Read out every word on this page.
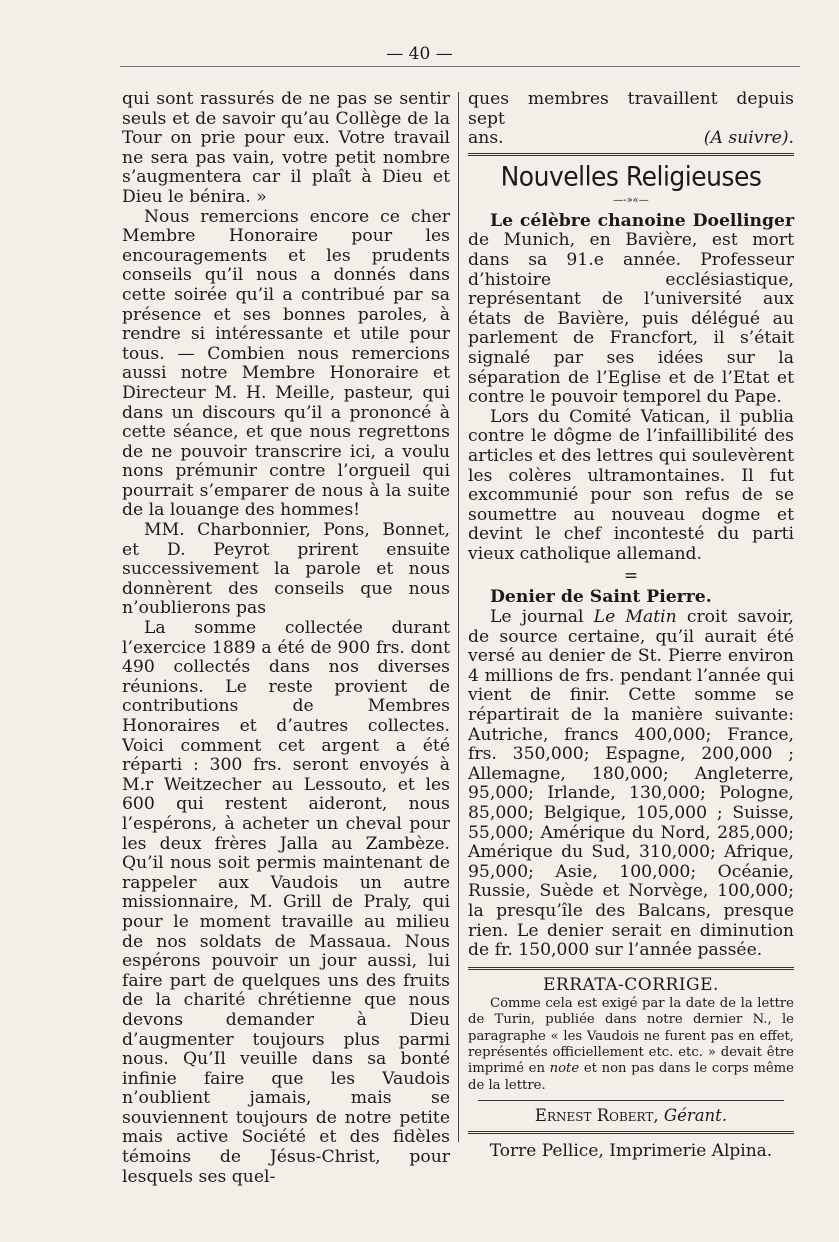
— 40 —

qui sont rassurés de ne pas se sentir seuls et de savoir qu’au Collège de la Tour on prie pour eux. Votre travail ne sera pas vain, votre petit nombre s’augmentera car il plaît à Dieu et Dieu le bénira. »

Nous remercions encore ce cher Membre Honoraire pour les encouragements et les prudents conseils qu’il nous a donnés dans cette soirée qu’il a contribué par sa présence et ses bonnes paroles, à rendre si intéressante et utile pour tous. — Combien nous remercions aussi notre Membre Honoraire et Directeur M. H. Meille, pasteur, qui dans un discours qu’il a prononcé à cette séance, et que nous regrettons de ne pouvoir transcrire ici, a voulu nons prémunir contre l’orgueil qui pourrait s’emparer de nous à la suite de la louange des hommes!

MM. Charbonnier, Pons, Bonnet, et D. Peyrot prirent ensuite successivement la parole et nous donnèrent des conseils que nous n’oublierons pas

La somme collectée durant l’exercice 1889 a été de 900 frs. dont 490 collectés dans nos diverses réunions. Le reste provient de contributions de Membres Honoraires et d’autres collectes. Voici comment cet argent a été réparti : 300 frs. seront envoyés à M.r Weitzecher au Lessouto, et les 600 qui restent aideront, nous l’espérons, à acheter un cheval pour les deux frères Jalla au Zambèze. Qu’il nous soit permis maintenant de rappeler aux Vaudois un autre missionnaire, M. Grill de Praly, qui pour le moment travaille au milieu de nos soldats de Massaua. Nous espérons pouvoir un jour aussi, lui faire part de quelques uns des fruits de la charité chrétienne que nous devons demander à Dieu d’augmenter toujours plus parmi nous. Qu’Il veuille dans sa bonté infinie faire que les Vaudois n’oublient jamais, mais se souviennent toujours de notre petite mais active Société et des fidèles témoins de Jésus-Christ, pour lesquels ses quel-

ques membres travaillent depuis sept

ans.	(A suivre).
Nouvelles Religieuses
—-»«—

Le célèbre chanoine Doellinger de Munich, en Bavière, est mort dans sa 91.e année. Professeur d’histoire ecclésiastique, représentant de l’université aux états de Bavière, puis délégué au parlement de Francfort, il s’était signalé par ses idées sur la séparation de l’Eglise et de l’Etat et contre le pouvoir temporel du Pape.

Lors du Comité Vatican, il publia contre le dôgme de l’infaillibilité des articles et des lettres qui soulevèrent les colères ultramontaines. Il fut excommunié pour son refus de se soumettre au nouveau dogme et devint le chef incontesté du parti vieux catholique allemand.

=

Denier de Saint Pierre.

Le journal Le Matin croit savoir, de source certaine, qu’il aurait été versé au denier de St. Pierre environ 4 millions de frs. pendant l’année qui vient de finir. Cette somme se répartirait de la manière suivante: Autriche, francs 400,000; France, frs. 350,000; Espagne, 200,000 ; Allemagne, 180,000; Angleterre, 95,000; Irlande, 130,000; Pologne, 85,000; Belgique, 105,000 ; Suisse, 55,000; Amérique du Nord, 285,000; Amérique du Sud, 310,000; Afrique, 95,000; Asie, 100,000; Océanie, Russie, Suède et Norvège, 100,000; la presqu’île des Balcans, presque rien. Le denier serait en diminution de fr. 150,000 sur l’année passée.

ERRATA-CORRIGE.

Comme cela est exigé par la date de la lettre de Turin, publiée dans notre dernier N., le paragraphe « les Vaudois ne furent pas en effet, représentés officiellement etc. etc. » devait être imprimé en note et non pas dans le corps même de la lettre.

Ernest Robert, Gérant.
Torre Pellice, Imprimerie Alpina.
